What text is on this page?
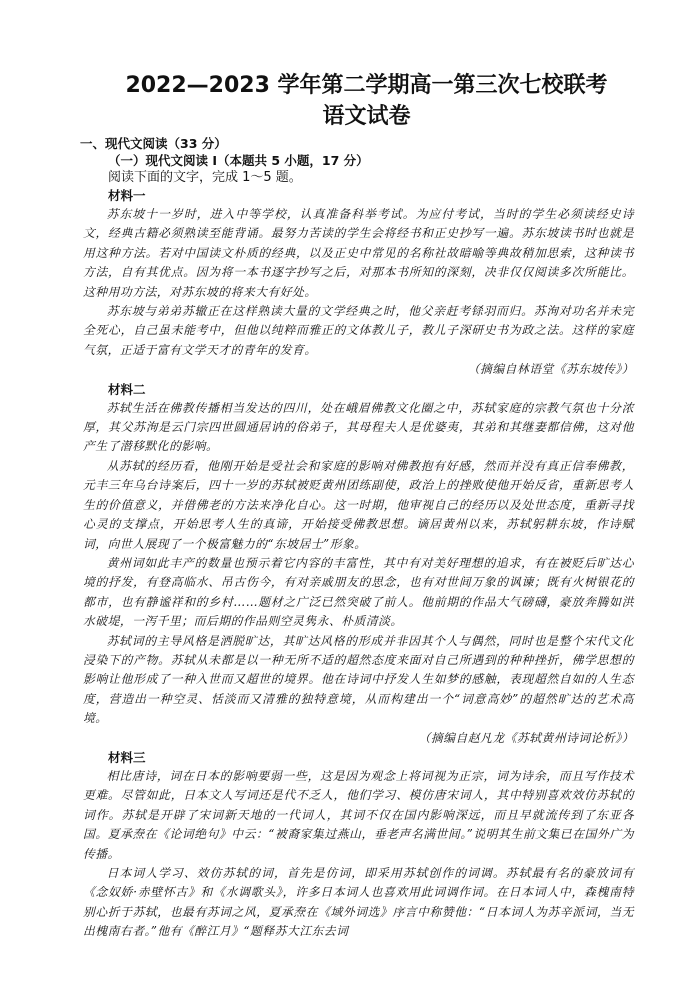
2022—2023 学年第二学期高一第三次七校联考
语文试卷
一、现代文阅读（33 分）
（一）现代文阅读 I（本题共 5 小题，17 分）
阅读下面的文字，完成 1～5 题。
材料一

苏东坡十一岁时，进入中等学校，认真准备科举考试。为应付考试，当时的学生必须读经史诗文，经典古籍必须熟读至能背诵。最努力苦读的学生会将经书和正史抄写一遍。苏东坡读书时也就是用这种方法。若对中国读文朴质的经典，以及正史中常见的名称社故暗喻等典故稍加思索，这种读书方法，自有其优点。因为将一本书逐字抄写之后，对那本书所知的深刻，决非仅仅阅读多次所能比。这种用功方法，对苏东坡的将来大有好处。

苏东坡与弟弟苏辙正在这样熟读大量的文学经典之时，他父亲赶考铩羽而归。苏洵对功名并未完全死心，自己虽未能考中，但他以纯粹而雅正的文体教儿子，教儿子深研史书为政之法。这样的家庭气氛，正适于富有文学天才的青年的发育。

（摘编自林语堂《苏东坡传》）

材料二

苏轼生活在佛教传播相当发达的四川，处在峨眉佛教文化圈之中，苏轼家庭的宗教气氛也十分浓厚，其父苏洵是云门宗四世圆通居讷的俗弟子，其母程夫人是优婆夷，其弟和其继妻都信佛，这对他产生了潜移默化的影响。

从苏轼的经历看，他刚开始是受社会和家庭的影响对佛教抱有好感，然而并没有真正信奉佛教，元丰三年乌台诗案后，四十一岁的苏轼被贬黄州团练副使，政治上的挫败使他开始反省，重新思考人生的价值意义，并借佛老的方法来净化自心。这一时期，他审视自己的经历以及处世态度，重新寻找心灵的支撑点，开始思考人生的真谛，开始接受佛教思想。谪居黄州以来，苏轼躬耕东坡，作诗赋词，向世人展现了一个极富魅力的“东坡居士”形象。

黄州词如此丰产的数量也预示着它内容的丰富性，其中有对美好理想的追求，有在被贬后旷达心境的抒发，有登高临水、吊古伤今，有对亲戚朋友的思念，也有对世间万象的讽谏；既有火树银花的都市，也有静谧祥和的乡村……题材之广泛已然突破了前人。他前期的作品大气磅礴，豪放奔腾如洪水破堤，一泻千里；而后期的作品则空灵隽永、朴质清淡。

苏轼词的主导风格是洒脱旷达，其旷达风格的形成并非因其个人与偶然，同时也是整个宋代文化浸染下的产物。苏轼从未都是以一种无所不适的超然态度来面对自己所遇到的种种挫折，佛学思想的影响让他形成了一种入世而又超世的境界。他在诗词中抒发人生如梦的感触，表现超然自如的人生态度，营造出一种空灵、恬淡而又清雅的独特意境，从而构建出一个“词意高妙”的超然旷达的艺术高境。

（摘编自赵凡龙《苏轼黄州诗词论析》）

材料三

相比唐诗，词在日本的影响要弱一些，这是因为观念上将词视为正宗，词为诗余，而且写作技术更难。尽管如此，日本文人写词还是代不乏人，他们学习、模仿唐宋词人，其中特别喜欢效仿苏轼的词作。苏轼是开辟了宋词新天地的一代词人，其词不仅在国内影响深远，而且早就流传到了东亚各国。夏承焘在《论词绝句》中云：“被裔家集过燕山，垂老声名满世间。”说明其生前文集已在国外广为传播。

日本词人学习、效仿苏轼的词，首先是仿词，即采用苏轼创作的词调。苏轼最有名的豪放词有《念奴娇·赤壁怀古》和《水调歌头》，许多日本词人也喜欢用此词调作词。在日本词人中，森槐南特别心折于苏轼，也最有苏词之风，夏承焘在《域外词选》序言中称赞他：“日本词人为苏辛派词，当无出槐南右者。”他有《醉江月》“题释苏大江东去词
